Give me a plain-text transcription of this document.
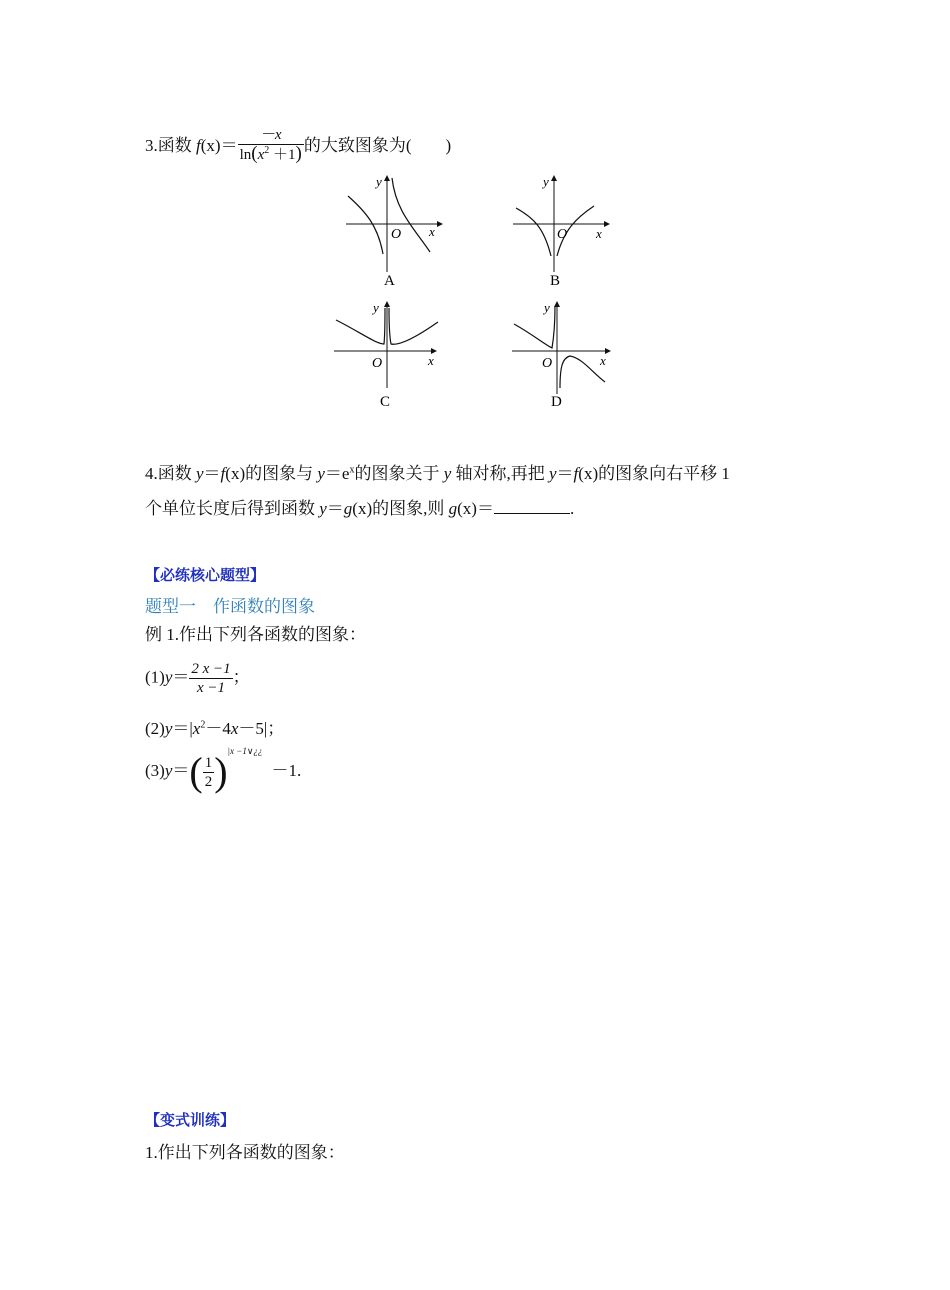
3.函数 $f(x)= \frac{-x}{\ln(x^2 +1)}$ 的大致图象为( )
y
x
O
A
y
x
O
B
y
x
O
C
y
x
O
D
4.函数 y＝f(x)的图象与 $y=e^x$的图象关于 y 轴对称,再把 y＝f(x)的图象向右平移 1
个单位长度后得到函数 y＝g(x)的图象,则 g(x)＝	.
【必练核心题型】
题型一　作函数的图象
例 1.作出下列各函数的图象：
$(1)y= \frac{2 x -1}{x -1}$ ；
$(2)y=|x^2-4x-5|$；
$(3)y=( \frac{1}{2} )|x$ −1∨¿¿－1.
【变式训练】
1.作出下列各函数的图象：
